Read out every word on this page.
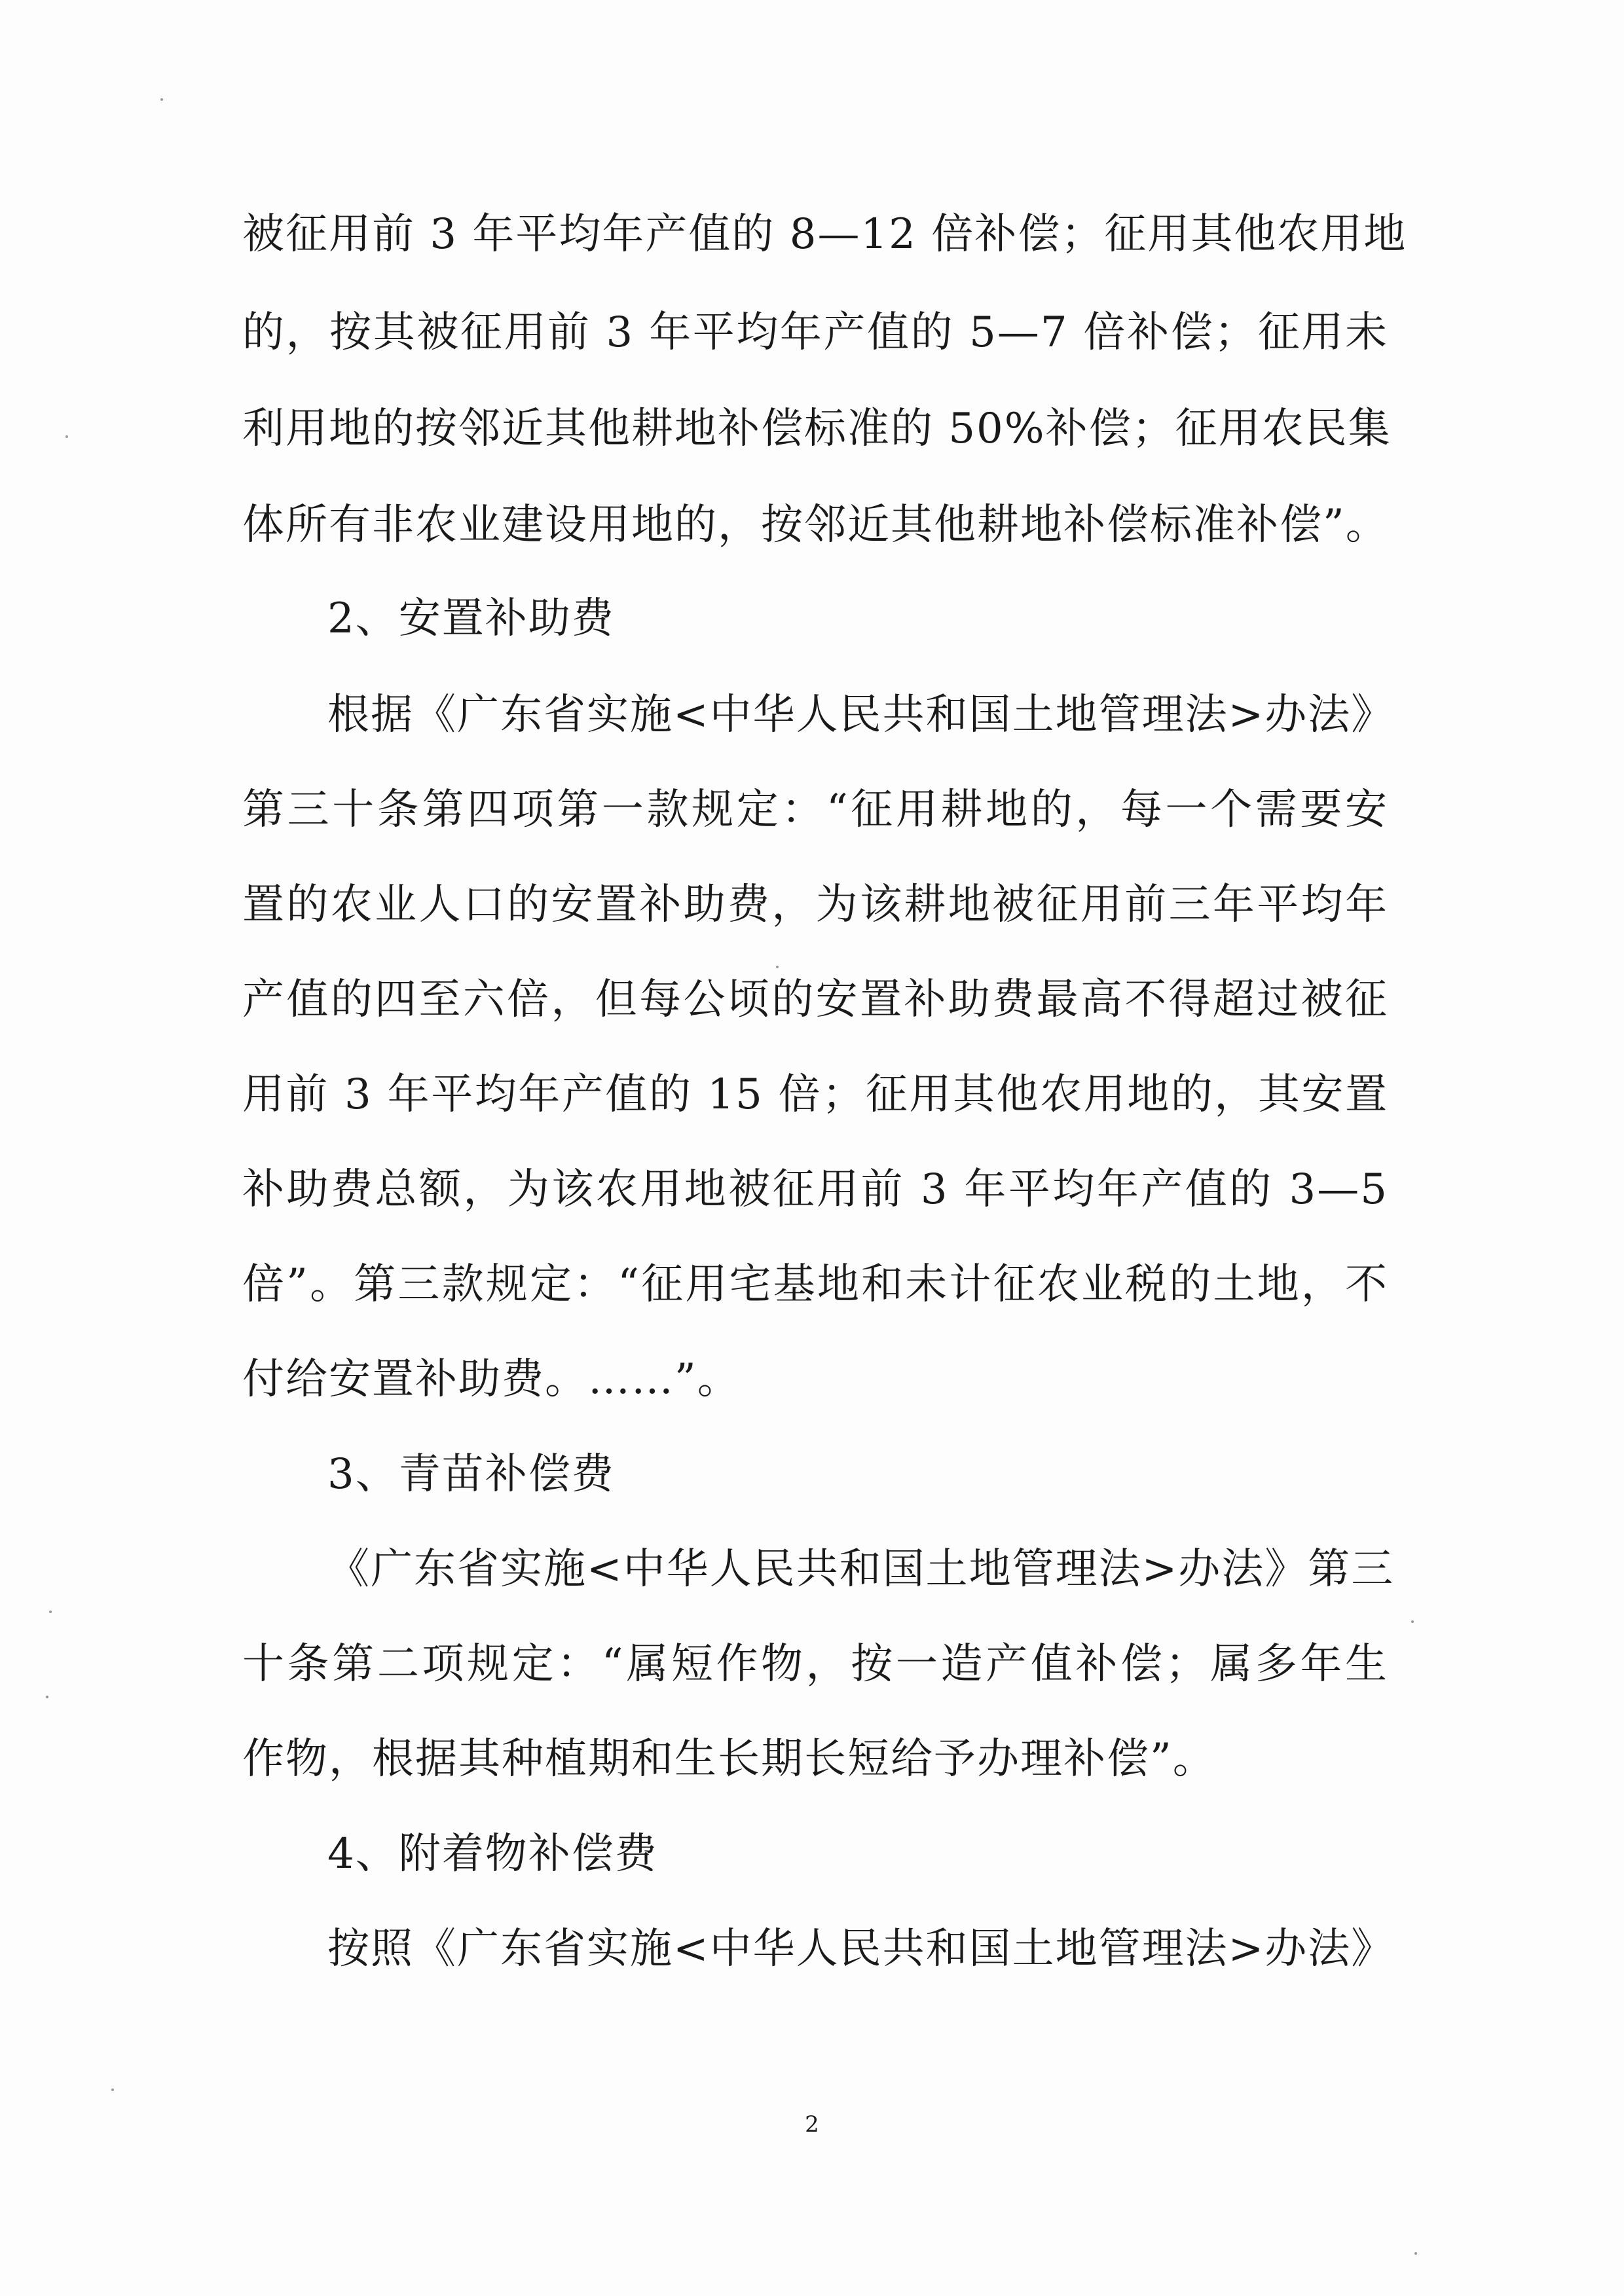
被征用前 3 年平均年产值的 8—12 倍补偿；征用其他农用地
的，按其被征用前 3 年平均年产值的 5—7 倍补偿；征用未
利用地的按邻近其他耕地补偿标准的 50%补偿；征用农民集
体所有非农业建设用地的，按邻近其他耕地补偿标准补偿”。
2、安置补助费
根据《广东省实施<中华人民共和国土地管理法>办法》
第三十条第四项第一款规定：“征用耕地的，每一个需要安
置的农业人口的安置补助费，为该耕地被征用前三年平均年
产值的四至六倍，但每公顷的安置补助费最高不得超过被征
用前 3 年平均年产值的 15 倍；征用其他农用地的，其安置
补助费总额，为该农用地被征用前 3 年平均年产值的 3—5
倍”。第三款规定：“征用宅基地和未计征农业税的土地，不
付给安置补助费。……”。
3、青苗补偿费
《广东省实施<中华人民共和国土地管理法>办法》第三
十条第二项规定：“属短作物，按一造产值补偿；属多年生
作物，根据其种植期和生长期长短给予办理补偿”。
4、附着物补偿费
按照《广东省实施<中华人民共和国土地管理法>办法》
2
